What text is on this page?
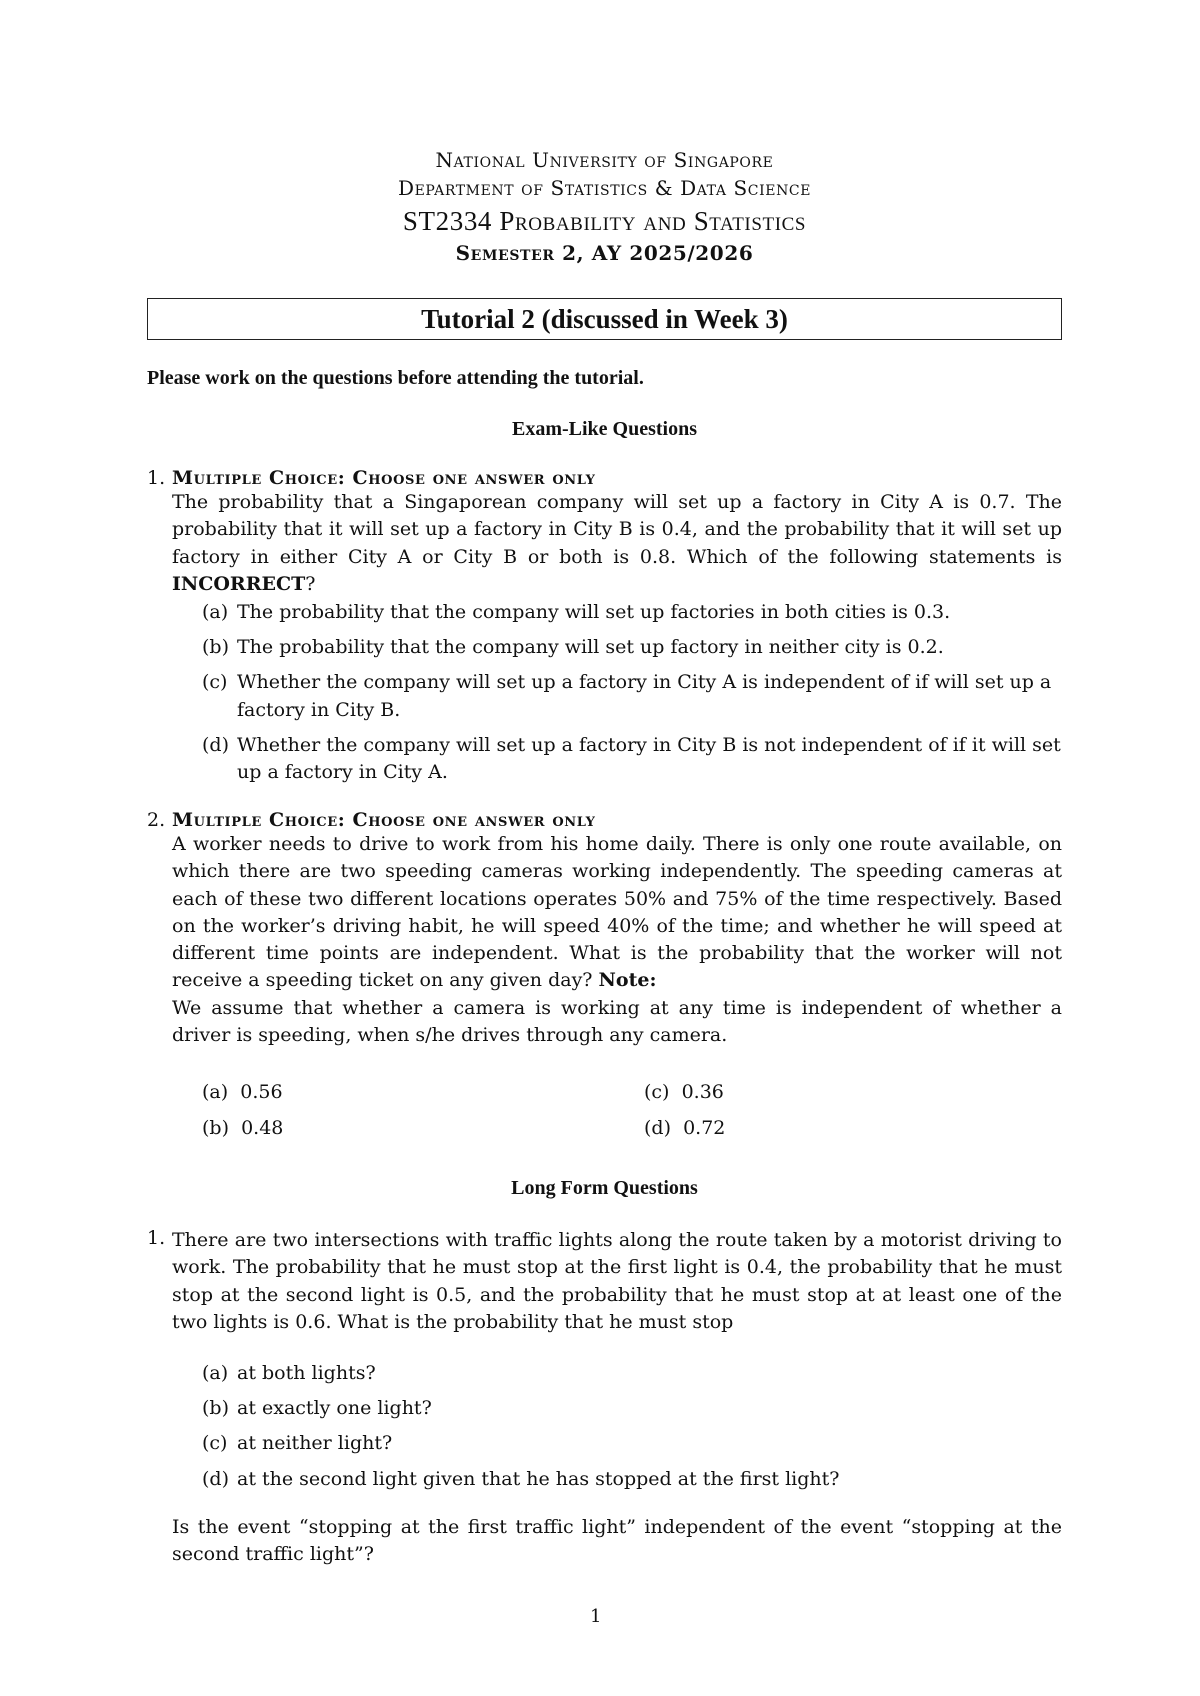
National University of Singapore
Department of Statistics & Data Science
ST2334 Probability and Statistics
Semester 2, AY 2025/2026
Tutorial 2 (discussed in Week 3)
Please work on the questions before attending the tutorial.
Exam-Like Questions
1. Multiple Choice: Choose one answer only
The probability that a Singaporean company will set up a factory in City A is 0.7. The probability that it will set up a factory in City B is 0.4, and the probability that it will set up factory in either City A or City B or both is 0.8. Which of the following statements is INCORRECT?
(a) The probability that the company will set up factories in both cities is 0.3.
(b) The probability that the company will set up factory in neither city is 0.2.
(c) Whether the company will set up a factory in City A is independent of if will set up a factory in City B.
(d) Whether the company will set up a factory in City B is not independent of if it will set up a factory in City A.
2. Multiple Choice: Choose one answer only
A worker needs to drive to work from his home daily. There is only one route available, on which there are two speeding cameras working independently. The speeding cameras at each of these two different locations operates 50% and 75% of the time respectively. Based on the worker’s driving habit, he will speed 40% of the time; and whether he will speed at different time points are independent. What is the probability that the worker will not receive a speeding ticket on any given day? Note:
We assume that whether a camera is working at any time is independent of whether a driver is speeding, when s/he drives through any camera.
(a) 0.56
(b) 0.48
(c) 0.36
(d) 0.72
Long Form Questions
1. There are two intersections with traffic lights along the route taken by a motorist driving to work. The probability that he must stop at the first light is 0.4, the probability that he must stop at the second light is 0.5, and the probability that he must stop at at least one of the two lights is 0.6. What is the probability that he must stop
(a) at both lights?
(b) at exactly one light?
(c) at neither light?
(d) at the second light given that he has stopped at the first light?
Is the event “stopping at the first traffic light” independent of the event “stopping at the second traffic light”?
1
